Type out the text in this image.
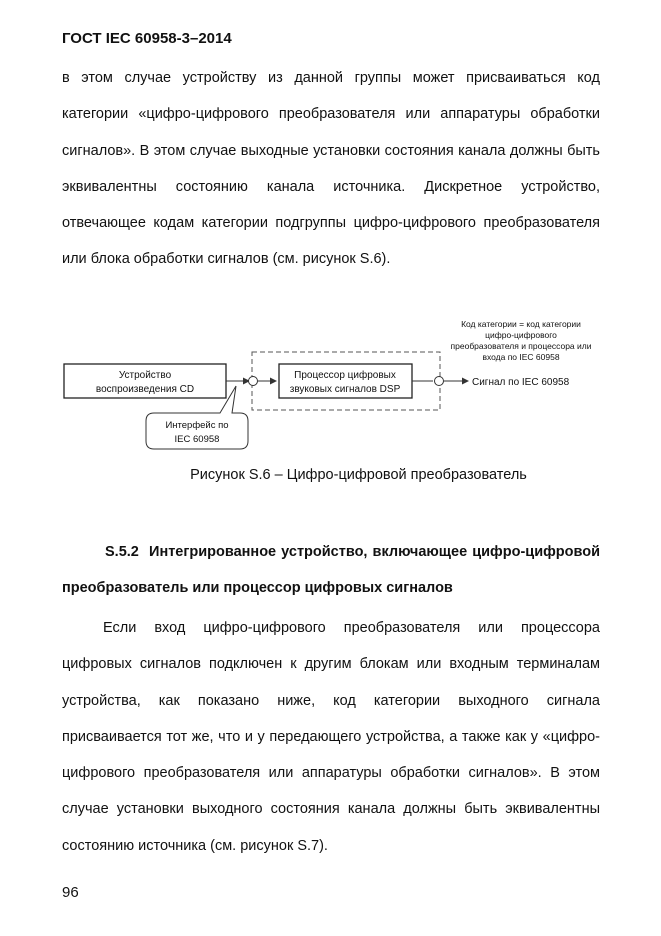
ГОСТ IEC 60958-3–2014
в этом случае устройству из данной группы может присваиваться код категории «цифро-цифрового преобразователя или аппаратуры обработки сигналов». В этом случае выходные установки состояния канала должны быть эквивалентны состоянию канала источника. Дискретное устройство, отвечающее кодам категории подгруппы цифро-цифрового преобразователя или блока обработки сигналов (см. рисунок S.6).
Устройство
воспроизведения CD
Процессор цифровых
звуковых сигналов DSP
Сигнал по IEC 60958
Код категории = код категории
цифро-цифрового
преобразователя и процессора или
входа по IEC 60958
Интерфейс по
IEC 60958
Рисунок S.6 – Цифро-цифровой преобразователь
S.5.2 Интегрированное устройство, включающее цифро-цифровой преобразователь или процессор цифровых сигналов
Если вход цифро-цифрового преобразователя или процессора цифровых сигналов подключен к другим блокам или входным терминалам устройства, как показано ниже, код категории выходного сигнала присваивается тот же, что и у передающего устройства, а также как у «цифро-цифрового преобразователя или аппаратуры обработки сигналов». В этом случае установки выходного состояния канала должны быть эквивалентны состоянию источника (см. рисунок S.7).
96
